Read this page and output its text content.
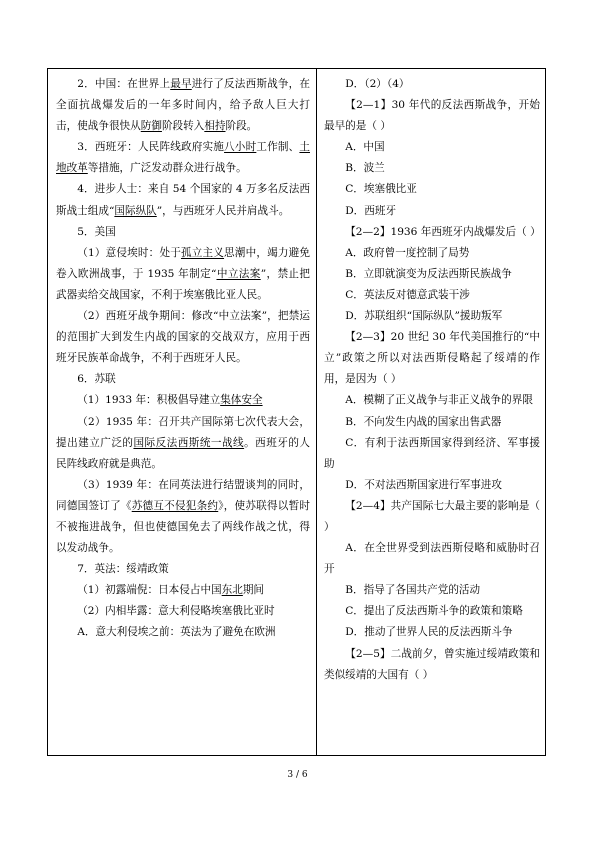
2．中国：在世界上最早进行了反法西斯战争，在全面抗战爆发后的一年多时间内，给予敌人巨大打击，使战争很快从防御阶段转入相持阶段。

3．西班牙：人民阵线政府实施八小时工作制、土地改革等措施，广泛发动群众进行战争。

4．进步人士：来自 54 个国家的 4 万多名反法西斯战士组成“国际纵队”，与西班牙人民并肩战斗。

5．美国

（1）意侵埃时：处于孤立主义思潮中，竭力避免卷入欧洲战事，于 1935 年制定“中立法案”，禁止把武器卖给交战国家，不利于埃塞俄比亚人民。

（2）西班牙战争期间：修改“中立法案”，把禁运的范围扩大到发生内战的国家的交战双方，应用于西班牙民族革命战争，不利于西班牙人民。

6．苏联

（1）1933 年：积极倡导建立集体安全

（2）1935 年：召开共产国际第七次代表大会，提出建立广泛的国际反法西斯统一战线。西班牙的人民阵线政府就是典范。

（3）1939 年：在同英法进行结盟谈判的同时，同德国签订了《苏德互不侵犯条约》，使苏联得以暂时不被拖进战争，但也使德国免去了两线作战之忧，得以发动战争。

7．英法：绥靖政策

（1）初露端倪：日本侵占中国东北期间

（2）内相毕露：意大利侵略埃塞俄比亚时

A．意大利侵埃之前：英法为了避免在欧洲

D．（2）（4）

【2—1】30 年代的反法西斯战争，开始最早的是（ ）

A．中国

B．波兰

C．埃塞俄比亚

D．西班牙

【2—2】1936 年西班牙内战爆发后（ ）

A．政府曾一度控制了局势

B．立即就演变为反法西斯民族战争

C．英法反对德意武装干涉

D．苏联组织“国际纵队”援助叛军

【2—3】20 世纪 30 年代美国推行的“中立”政策之所以对法西斯侵略起了绥靖的作用，是因为（ ）

A．模糊了正义战争与非正义战争的界限

B．不向发生内战的国家出售武器

C．有利于法西斯国家得到经济、军事援助

D．不对法西斯国家进行军事进攻

【2—4】共产国际七大最主要的影响是（ ）

A．在全世界受到法西斯侵略和威胁时召开

B．指导了各国共产党的活动

C．提出了反法西斯斗争的政策和策略

D．推动了世界人民的反法西斯斗争

【2—5】二战前夕，曾实施过绥靖政策和类似绥靖的大国有（ ）

3 / 6
